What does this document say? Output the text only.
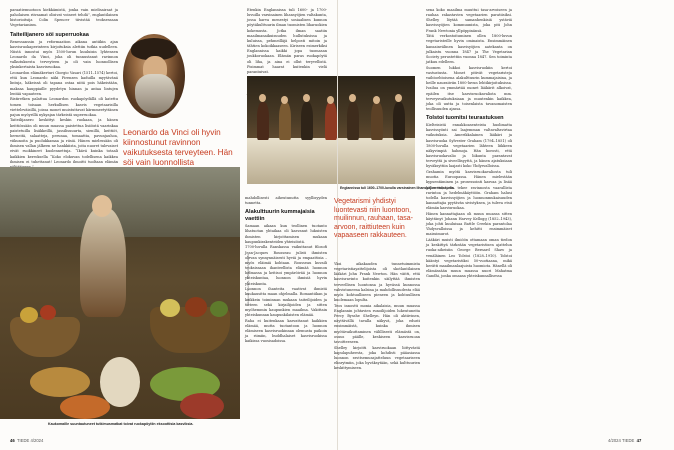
paraatiemuotoon kiekkämistä, jonka vain mielisairaat ja paholaisen riivaamat olisivat voineet tehdä”, englantilainen historioitsija Colin Spencer tiivistää teoksessaan Vegetarianism.

Taiteilijanero söi superruokaa

Renessanssin ja reformaation aikana antiikin ajan kasvisruokaperinteen kirjoituksia alettiin tutkia uudelleen. Niistä innostui myös 1500-luvun kuuluisin lyhtensen Leonardo da Vinci, joka oli tunnustanut ravinnon valkutuksesta terveyteen ja oli vain luonnollisen yksinkertaista kasvisruokaa.

Leonardon elämäkerturi Giorgio Vasari (1511–1574) kertoi, että kun Leonardo näki Firenzen kaduilla myytävänä lintuja, häkeissä oli tapana ostaa niitä pois häkeistään, maksaa kauppiaille pyydetyn hinnan ja antaa lintujen lentää vapauteen.

Ristiretken palattua Leonardon ruokapöydällä oli katettu tomen toisaan herkullisen kasvis vegetaarisilla vietteleväisillä, joissa monet muistuttavat kärmmeetyttänen pajun myöyrillä nykyajan tärkeistä superruokaa.

Taiteilijanero keskittyi keskin ruokaan, ja hänen keittiössään oli muun muassa paistettua lisiöistä vaarinkaa paistetuilla lisäkkeillä, jassilisuuurta, sienillä, keittiöt, herneitä, salaatteja, perunaa, tomaattia, pavunjauhoa, viikunoita ja puolukkamaa ja riisiä. Hänen mielessään oli ihmisen vallan jälkeen ne hankkiista, joita nuoret tulevaiset eivät ruokkineet kuolennettuja. “Ikävä kuinka totaali kaikkien kerroksella “Koko elokuvan todellisena kaikkea ihmisen ei tuhettanut! Leonardo ilmoitti tuoltaan elämän

Leonardo da Vinci oli hyvin kiinnostunut ravinnon vaikutuksesta terveyteen. Hän söi vain luonnollista

Etenkin Englannissa tuli 1600- ja 1700-luvuilla varsinainen lihansyöjien valtakunta, jossa harva menestyi sosiaalisen kunnon pöytäkulttuurin ilman tuomisten liharuokien kokemusta. Jotka ilman saatiin maailmanaikuisuuden hullutuksissa ja kuluissa, pehmeilläjä helposti mitoin ja tähtien kokoikkaaseen. Kiriseen esimerkiksi Englannissa kaikki jopa tuomasan joukkoruokaan. Elämän paras ruokapöytä oli liha, ja aina ei ollut teryvellistä. Pisimmat haarat kuitenkin vielä parantuivat.

Kaukomaille suuntautuneet tutkimusmatkat toivat ruokapöytiin eksoottisia kasviksia.
Valokuvat: Scanpix, Bridgeman Images
46 TIEDE 4/2024
Englannissa tuli 1600–1700-luvulla varsinainen lihansyöjien valtakunta.

mahdollisesti aiheutunutta syyllisyyden tunnetta.

Alakulttuurin kummajaisia vaettiin

Samaan aikaan kun teollinen tuotanto lihatuotan yhtaikaa oli kasvanut lukuisten ihmisten kirjoittamisen mukaan kaupunkirakenteiden yhteisöistä.

1700-luvulla Ranskassa vaikuttanut filosofi Jean-Jacques Rousseau julisti ihmisten olevan synnynnäisesti hyviä ja empaattisia – myös eläimiä kohtaan. Rousseau kuvaili teoksissaan ihanteellista elämää luonnon helmassa ja kritisoi ympäröivää ja luonnon yhteiskuntaa, luonnon ihmisiä hyvin yhteiskunta.

Luonnon ihanteita vaativat ihmistä kuukausitta maan ohjelmalla. Romantiikan ja kaikkein toiminnan mukaan taiteilijoiden ja tieteen sekä kirjailijoiden ja sitten myöhemmin kaupunkien maailma. Vakittain yhteiskunnan kaupunkilaisten elämää.

Raha ei kuitenkaan kasvattanut kaikkien elämää, mutta tuotantoon ja luonnon elämiseen kasvisruokinnan olemusta paikoin ja riimiin, buddhalaiset kasvisruokissa kaikissa vuosisadoissa.

Vegetarismi yhdistyi luontevasti niin luontoon, muilinnun, rauhaan, tasa-arvoon, raittiuteen kuin vapaaseen rakkauteen.

Yksi aikakauden tunnetuimmista vegetaristiayattelijoista oli skotlantilainen lääkäri John Frank Newton. Hän väitti, että kasvisravinto kuitenkin säilyttää ihmisten terveellisen luontonsa ja hyvässä kunnossa vahvistuneena kalsina ja mahdollisuudesta elää myös kohtuulliseen pieneen ja kohtuullisen kuolemaan lopulta.

Teos innostti monia aikalaisia, muun muassa Englannin johtavien runoilijoiden lukeutuneita Percy Bysshe Shelleyn. Hän oli aktiivinen, näyttävällä tavalla näkyvä, joka edusti ensimmäistä, kuinka ihmisen myötävaikuttaminen välillisesti elämästä on, osuus päälle, keskiseen kasvisruoan tavoitteeseen.

Shelley kirjoitti kasviruokaan liittyvästä kapulapuheesta, joka kohdisti pääasiassa luonnon ravitsemusajatteluun vegetaariseen elinrytmiin, joka hyväksytään, sekä kulttuurien keskittymiseen.

sena koko maailma muuttui tasa-arvoiseen ja rauhaa rakastavien vegetaarien paratiisiksi. Shelley löytää samanhenkisiä ystäviä kasvissyöjien kommuunista, joka piti John Frank Newtonia yllpöppinänsä.

Tätä verkostoituminen ollen 1800-luvun vegetaristeille hyvin ominaista. Ensimmäinen kansainvälinen kasvisyöjien aatekanta on julkaistu vuonna 1847 ja The Vegetarian Society perustettiin vuonna 1847. Sen toiminta jatkuu edelleen.

Suomen lukkoi kasvisruokiin kertoi vastustusta. Monet pitivät vegetaristeja vaihtoehtoisena alakulttuurin kummajaisina, ja heille nauraiiviin 1800-luvun lehtikirjoituksissa. Ivailua on ymmärtää monet lääkärit alkoivat, epäilen itse kasvisruokavaliota mm. terveysvaikutuksiaan ja muutenkin kaikkea, joka oli uutta ja toisenlaista tavanomaisten teollisuuden ajassa.

Tolstoi tuomitsi teurastuksen

Kielteisistä ennakkoasenteista huolimatta kasvissyönti sai laajemman valtavaltavirtaa vaikutuksia. Amerikkalainen lääkäri ja kasvisruoka Sylvester Graham (1794–1851) oli 1800-luvulla vegetaarien lähteen liikkeen näkyvimpiä hahmoja. Hän korosti, että kasvisruokavalio ja liikunta parantavat terveyttä ja siveellisyyttä, ja hänen ajatuksiaan hyväksyttiin laajasti koko Yhdysvalloissa.

Grahamin myötä kasvisruokavaliosta tuli muotia Euroopassa. Hänen mielestään kypsentäminen ja prosessointi kasvaa ja lisää kaloreita, joka tekee ravinnosta vaarallista ravintoa ja hedelmäkäyttöön. Graham halusi todella kasvissyöjien ja luonnonmukaisuuden kannattajia pyytävän sivistyksen, ja tuleva etsii elämän kasvisruokaa.

Hänen kannattajiaan oli muun muassa sitten käyttänyt Johann Harvey Kellogg (1852–1943), joka johti kuuluisaa Battle Creekin parantolaa Yhdysvalloissa ja kehitti ensimmäiset maissimurot.

Lääkäri muisti ilmiöön ottamaan oman tiedon ja keskittyä tärkeään vegetaristisen ajattelun ruoka-aiheisiin George Bernard Shaw ja venäläinen Leo Tolstoi (1828–1910). Tolstoi kääntyi vegetaristiksi 50-vuotiaana, mikä herätti maailmanlaajuista huomiota. Hänellä oli elämässään muun muassa nuori Mahatma Gandhi, jonka omaasa yhteiskunnallisessa

4/2024 TIEDE 47
